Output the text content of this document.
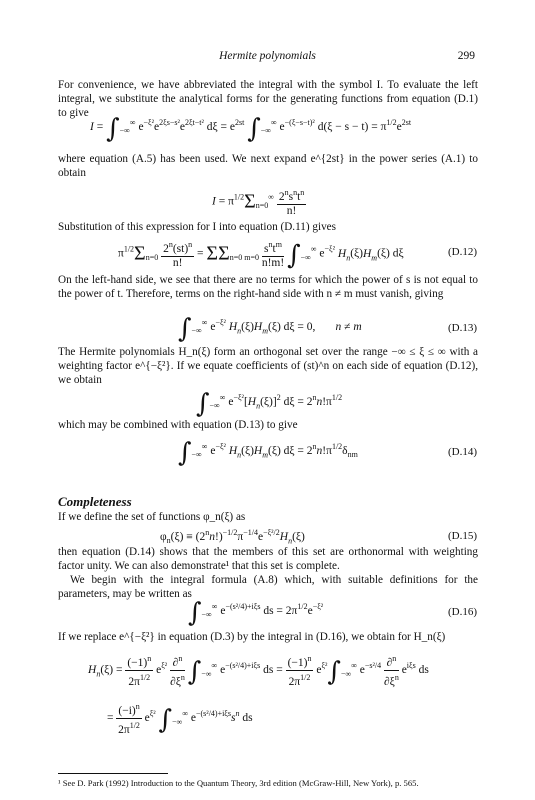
Hermite polynomials	299

For convenience, we have abbreviated the integral with the symbol I. To evaluate the left integral, we substitute the analytical forms for the generating functions from equation (D.1) to give

$I = \int_{-\infty}^\infty$ $e^{-\xi^2}e^{2\xi s-s^2}e^{2\xi t-t^2}$ $d\xi = e^{2st}$ $\int_{-\infty}^\infty$ $e^{-(\xi-s-t)^2}$ $d(\xi - s - t) = \pi^{1/2}e^{2st}$

where equation (A.5) has been used. We next expand e^{2st} in the power series (A.1) to obtain

$I = \pi^{1/2}\Sigma_{n=0}^\infty \frac{2^ns^nt^n}{n!}$

Substitution of this expression for I into equation (D.11) gives

$\pi^{1/2}\Sigma_{n=0} \frac{2^n(st)^n}{n!} = \Sigma\Sigma_{n=0 m=0} \frac{s^nt^m}{n!m!} \int_{-\infty}^\infty$ $e^{-\xi^2}$ $H_n(\xi)H_m(\xi)$ dξ	(D.12)

On the left-hand side, we see that there are no terms for which the power of s is not equal to the power of t. Therefore, terms on the right-hand side with n ≠ m must vanish, giving

$\int_{-\infty}^\infty$ $e^{-\xi^2}$ $H_n(\xi)H_m(\xi) d\xi = 0$,       n ≠ m	(D.13)

The Hermite polynomials H_n(ξ) form an orthogonal set over the range −∞ ≤ ξ ≤ ∞ with a weighting factor e^{−ξ²}. If we equate coefficients of (st)^n on each side of equation (D.12), we obtain

$\int_{-\infty}^\infty$ $e^{-\xi^2}[H_n(\xi)]^2$ $d\xi = 2^nn!\pi^{1/2}$

which may be combined with equation (D.13) to give

$\int_{-\infty}^\infty$ $e^{-\xi^2}$ $H_n(\xi)H_m(\xi) d\xi = 2^nn!\pi^{1/2}\delta_{nm}$	(D.14)
Completeness

If we define the set of functions φ_n(ξ) as

$\varphi_n(\xi) \equiv (2^nn!)^{-1/2}\pi^{-1/4}e^{-\xi^2/2}H_n(\xi)$	(D.15)

then equation (D.14) shows that the members of this set are orthonormal with weighting factor unity. We can also demonstrate¹ that this set is complete.

We begin with the integral formula (A.8) which, with suitable definitions for the parameters, may be written as

$\int_{-\infty}^\infty$ $e^{-(s^2/4)+i\xi s}$ ds = $2\pi^{1/2}e^{-\xi^2}$	(D.16)

If we replace e^{−ξ²} in equation (D.3) by the integral in (D.16), we obtain for H_n(ξ)

$H_n(\xi) = \frac{(-1)^n}{2\pi^{1/2}} e^{\xi^2} \frac{\partial^n}{\partial\xi^n} \int_{-\infty}^\infty$ $e^{-(s^2/4)+i\xi s}$ ds = $\frac{(-1)^n}{2\pi^{1/2}} e^{\xi^2}\int_{-\infty}^\infty$ $e^{-s^2/4} \frac{\partial^n}{\partial\xi^n} e^{i\xi s}$ ds
= $\frac{(-i)^n}{2\pi^{1/2}} e^{\xi^2}$ $\int_{-\infty}^\infty$ $e^{-(s^2/4)+i\xi s}s^n$ ds
¹ See D. Park (1992) Introduction to the Quantum Theory, 3rd edition (McGraw-Hill, New York), p. 565.
